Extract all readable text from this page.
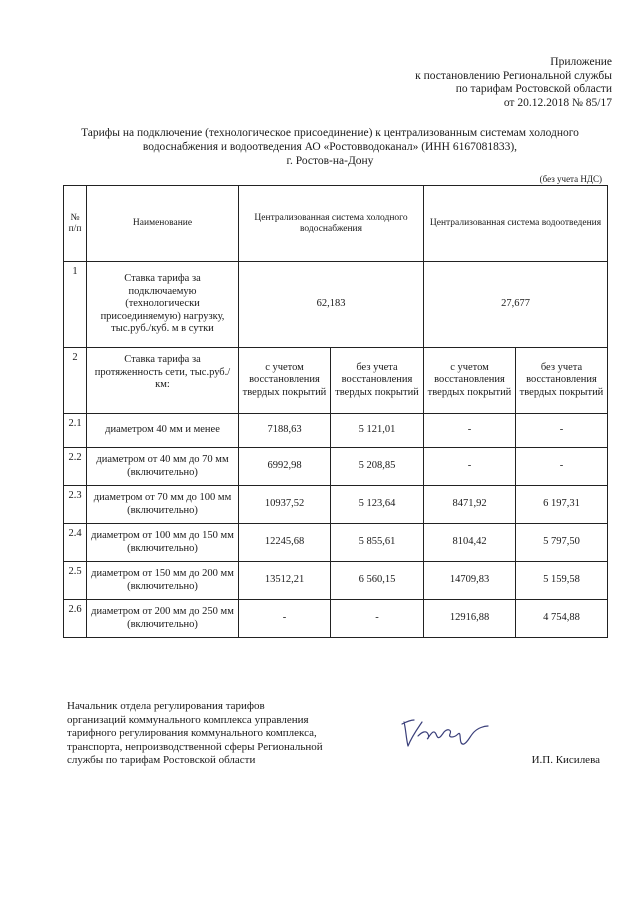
Приложение
к постановлению Региональной службы
по тарифам Ростовской области
от 20.12.2018 № 85/17
Тарифы на подключение (технологическое присоединение) к централизованным системам холодного
водоснабжения и водоотведения АО «Ростовводоканал» (ИНН 6167081833),
г. Ростов-на-Дону
(без учета НДС)
№ п/п	Наименование	Централизованная система холодного водоснабжения		Централизованная система водоотведения	
1	Ставка тарифа за подключаемую (технологически присоединяемую) нагрузку, тыс.руб./куб. м в сутки	62,183		27,677	
2	Ставка тарифа за протяженность сети, тыс.руб./ км:	с учетом восстановления твердых покрытий	без учета восстановления твердых покрытий	с учетом восстановления твердых покрытий	без учета восстановления твердых покрытий
2.1	диаметром 40 мм и менее	7188,63	5 121,01	-	-
2.2	диаметром от 40 мм до 70 мм (включительно)	6992,98	5 208,85	-	-
2.3	диаметром от 70 мм до 100 мм (включительно)	10937,52	5 123,64	8471,92	6 197,31
2.4	диаметром от 100 мм до 150 мм (включительно)	12245,68	5 855,61	8104,42	5 797,50
2.5	диаметром от 150 мм до 200 мм (включительно)	13512,21	6 560,15	14709,83	5 159,58
2.6	диаметром от 200 мм до 250 мм (включительно)	-	-	12916,88	4 754,88
Начальник отдела регулирования тарифов
организаций коммунального комплекса управления
тарифного регулирования коммунального комплекса,
транспорта, непроизводственной сферы Региональной
службы по тарифам Ростовской области	И.П. Кисилева
